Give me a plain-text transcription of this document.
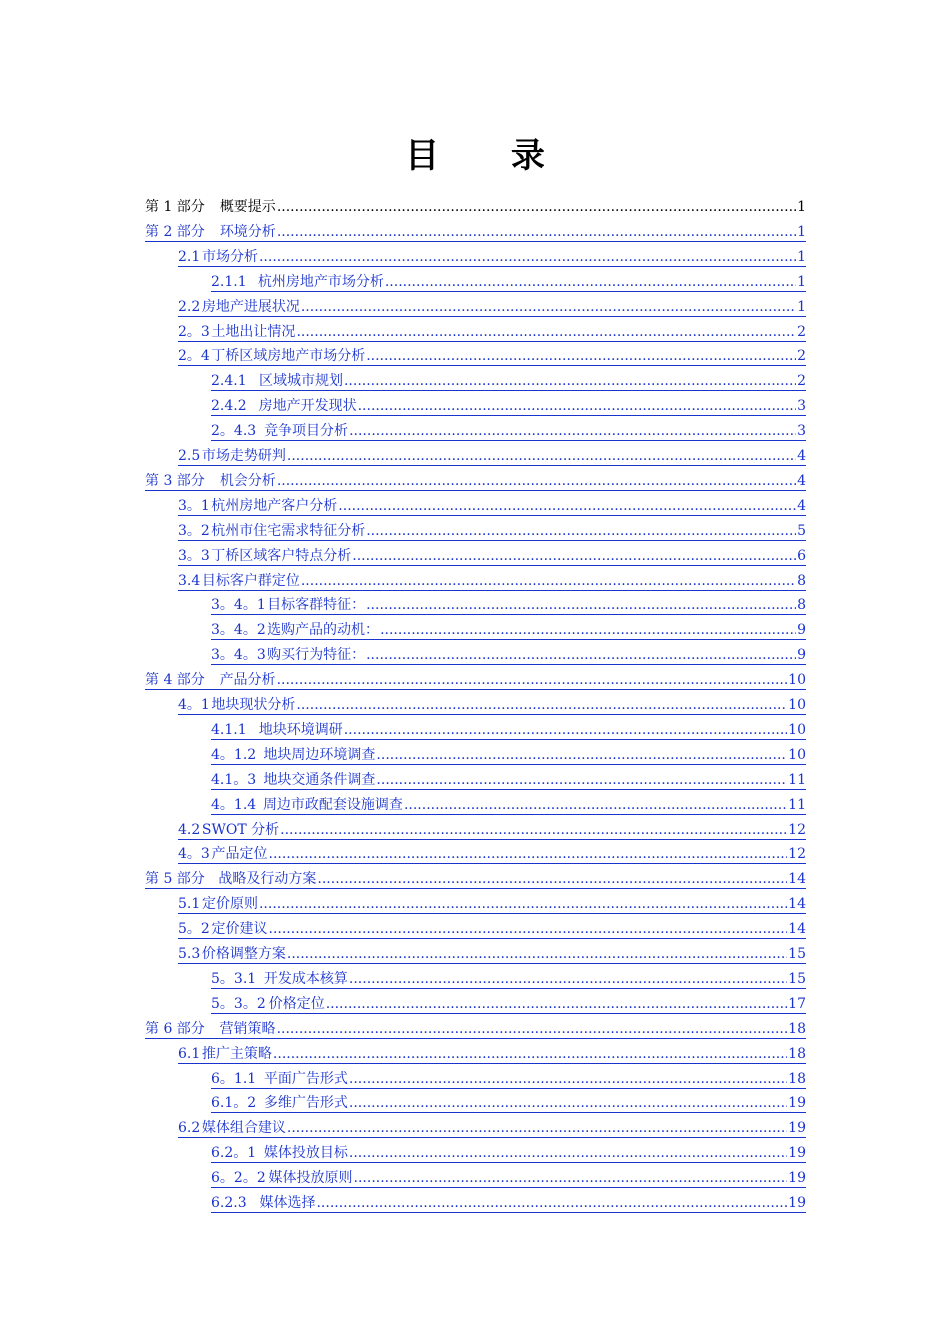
目 录
第 1 部分 概要提示 .....	1
第 2 部分 环境分析 .....	1
2.1 市场分析 .....	1
2.1.1 杭州房地产市场分析 .....	1
2.2 房地产进展状况 .....	1
2。3 土地出让情况 .....	2
2。4 丁桥区域房地产市场分析 .....	2
2.4.1 区域城市规划 .....	2
2.4.2 房地产开发现状 .....	3
2。4.3 竞争项目分析 .....	3
2.5 市场走势研判 .....	4
第 3 部分 机会分析 .....	4
3。1 杭州房地产客户分析 .....	4
3。2 杭州市住宅需求特征分析 .....	5
3。3 丁桥区域客户特点分析 .....	6
3.4 目标客户群定位 .....	8
3。4。1 目标客群特征： .....	8
3。4。2 选购产品的动机： .....	9
3。4。3 购买行为特征： .....	9
第 4 部分 产品分析 .....	10
4。1 地块现状分析 .....	10
4.1.1 地块环境调研 .....	10
4。1.2 地块周边环境调查 .....	10
4.1。3 地块交通条件调查 .....	11
4。1.4 周边市政配套设施调查 .....	11
4.2 SWOT 分析 .....	12
4。3 产品定位 .....	12
第 5 部分 战略及行动方案 .....	14
5.1 定价原则 .....	14
5。2 定价建议 .....	14
5.3 价格调整方案 .....	15
5。3.1 开发成本核算 .....	15
5。3。2 价格定位 .....	17
第 6 部分 营销策略 .....	18
6.1 推广主策略 .....	18
6。1.1 平面广告形式 .....	18
6.1。2 多维广告形式 .....	19
6.2 媒体组合建议 .....	19
6.2。1 媒体投放目标 .....	19
6。2。2 媒体投放原则 .....	19
6.2.3 媒体选择 .....	19
